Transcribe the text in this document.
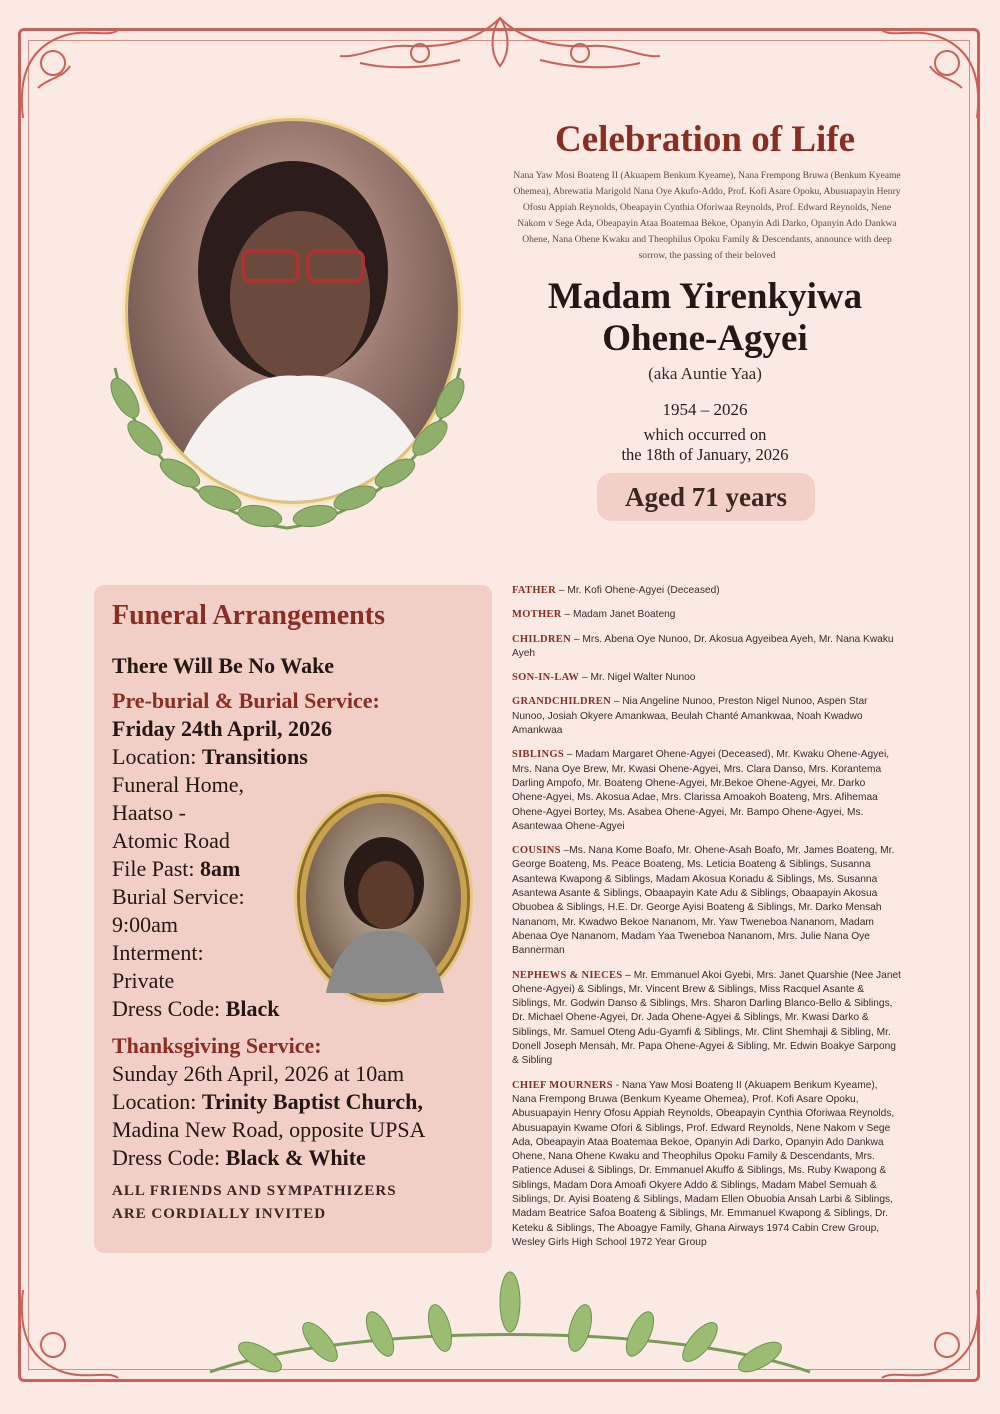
Celebration of Life
Nana Yaw Mosi Boateng II (Akuapem Benkum Kyeame), Nana Frempong Bruwa (Benkum Kyeame Ohemea), Abrewatia Marigold Nana Oye Akufo-Addo, Prof. Kofi Asare Opoku, Abusuapayin Henry Ofosu Appiah Reynolds, Obeapayin Cynthia Oforiwaa Reynolds, Prof. Edward Reynolds, Nene Nakom v Sege Ada, Obeapayin Ataa Boatemaa Bekoe, Opanyin Adi Darko, Opanyin Ado Dankwa Ohene, Nana Ohene Kwaku and Theophilus Opoku Family & Descendants, announce with deep sorrow, the passing of their beloved
Madam Yirenkyiwa
Ohene-Agyei
(aka Auntie Yaa)
1954 – 2026
which occurred on
the 18th of January, 2026
Aged 71 years
Funeral Arrangements
There Will Be No Wake
Pre-burial & Burial Service:
Friday 24th April, 2026
Location: Transitions
Funeral Home,
Haatso -
Atomic Road
File Past: 8am
Burial Service:
9:00am
Interment:
Private
Dress Code: Black
Thanksgiving Service:
Sunday 26th April, 2026 at 10am
Location: Trinity Baptist Church,
Madina New Road, opposite UPSA
Dress Code: Black & White
ALL FRIENDS AND SYMPATHIZERS
ARE CORDIALLY INVITED
FATHER – Mr. Kofi Ohene-Agyei (Deceased)
MOTHER – Madam Janet Boateng
CHILDREN – Mrs. Abena Oye Nunoo, Dr. Akosua Agyeibea Ayeh, Mr. Nana Kwaku Ayeh
SON-IN-LAW – Mr. Nigel Walter Nunoo
GRANDCHILDREN – Nia Angeline Nunoo, Preston Nigel Nunoo, Aspen Star Nunoo, Josiah Okyere Amankwaa, Beulah Chanté Amankwaa, Noah Kwadwo Amankwaa
SIBLINGS – Madam Margaret Ohene-Agyei (Deceased), Mr. Kwaku Ohene-Agyei, Mrs. Nana Oye Brew, Mr. Kwasi Ohene-Agyei, Mrs. Clara Danso, Mrs. Korantema Darling Ampofo, Mr. Boateng Ohene-Agyei, Mr.Bekoe Ohene-Agyei, Mr. Darko Ohene-Agyei, Ms. Akosua Adae, Mrs. Clarissa Amoakoh Boateng, Mrs. Afihemaa Ohene-Agyei Bortey, Ms. Asabea Ohene-Agyei, Mr. Bampo Ohene-Agyei, Ms. Asantewaa Ohene-Agyei
COUSINS –Ms. Nana Kome Boafo, Mr. Ohene-Asah Boafo, Mr. James Boateng, Mr. George Boateng, Ms. Peace Boateng, Ms. Leticia Boateng & Siblings, Susanna Asantewa Kwapong & Siblings, Madam Akosua Konadu & Siblings, Ms. Susanna Asantewa Asante & Siblings, Obaapayin Kate Adu & Siblings, Obaapayin Akosua Obuobea & Siblings, H.E. Dr. George Ayisi Boateng & Siblings, Mr. Darko Mensah Nananom, Mr. Kwadwo Bekoe Nananom, Mr. Yaw Tweneboa Nananom, Madam Abenaa Oye Nananom, Madam Yaa Tweneboa Nananom, Mrs. Julie Nana Oye Bannerman
NEPHEWS & NIECES – Mr. Emmanuel Akoi Gyebi, Mrs. Janet Quarshie (Nee Janet Ohene-Agyei) & Siblings, Mr. Vincent Brew & Siblings, Miss Racquel Asante & Siblings, Mr. Godwin Danso & Siblings, Mrs. Sharon Darling Blanco-Bello & Siblings, Dr. Michael Ohene-Agyei, Dr. Jada Ohene-Agyei & Siblings, Mr. Kwasi Darko & Siblings, Mr. Samuel Oteng Adu-Gyamfi & Siblings, Mr. Clint Shemhaji & Sibling, Mr. Donell Joseph Mensah, Mr. Papa Ohene-Agyei & Sibling, Mr. Edwin Boakye Sarpong & Sibling
CHIEF MOURNERS - Nana Yaw Mosi Boateng II (Akuapem Benkum Kyeame), Nana Frempong Bruwa (Benkum Kyeame Ohemea), Prof. Kofi Asare Opoku, Abusuapayin Henry Ofosu Appiah Reynolds, Obeapayin Cynthia Oforiwaa Reynolds, Abusuapayin Kwame Ofori & Siblings, Prof. Edward Reynolds, Nene Nakom v Sege Ada, Obeapayin Ataa Boatemaa Bekoe, Opanyin Adi Darko, Opanyin Ado Dankwa Ohene, Nana Ohene Kwaku and Theophilus Opoku Family & Descendants, Mrs. Patience Adusei & Siblings, Dr. Emmanuel Akuffo & Siblings, Ms. Ruby Kwapong & Siblings, Madam Dora Amoafi Okyere Addo & Siblings, Madam Mabel Semuah & Siblings, Dr. Ayisi Boateng & Siblings, Madam Ellen Obuobia Ansah Larbi & Siblings, Madam Beatrice Safoa Boateng & Siblings, Mr. Emmanuel Kwapong & Siblings, Dr. Keteku & Siblings, The Aboagye Family, Ghana Airways 1974 Cabin Crew Group, Wesley Girls High School 1972 Year Group
